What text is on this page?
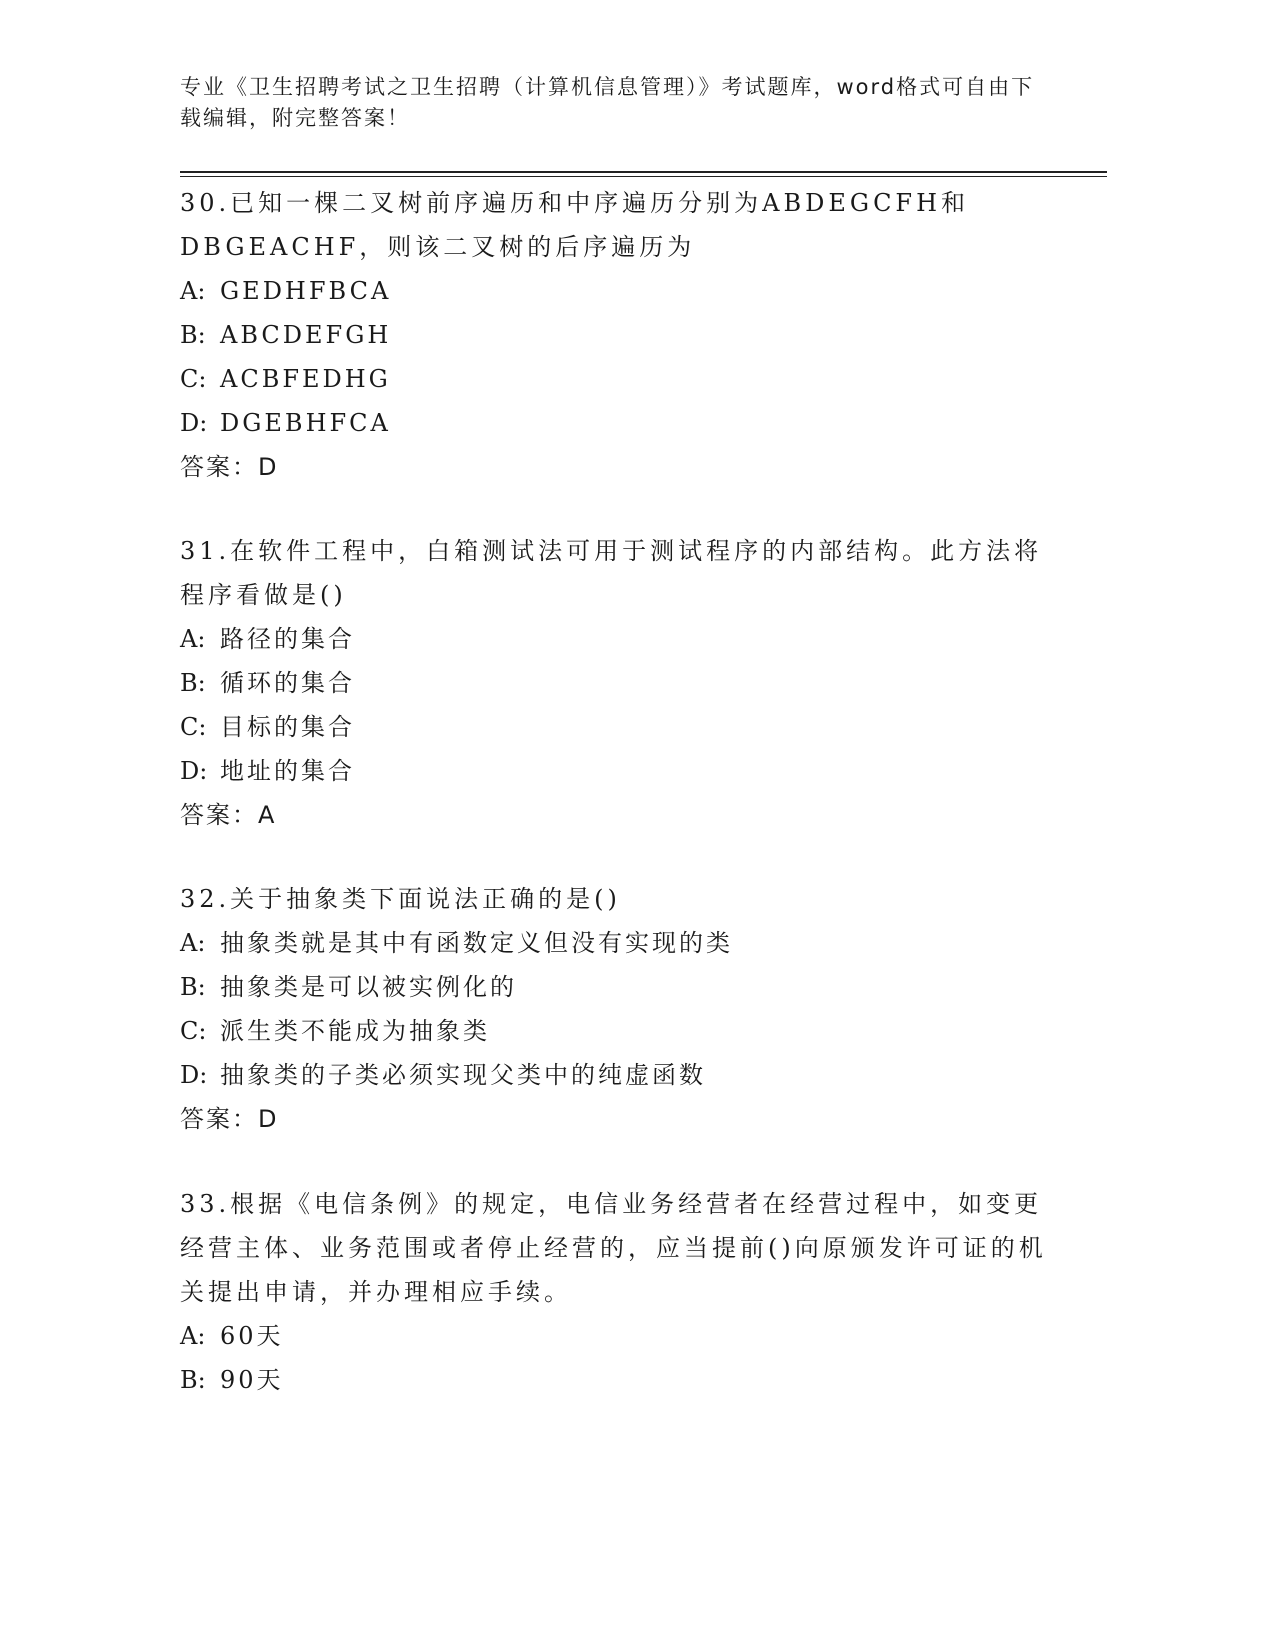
专业《卫生招聘考试之卫生招聘（计算机信息管理）》考试题库，word格式可自由下载编辑，附完整答案！

30.已知一棵二叉树前序遍历和中序遍历分别为ABDEGCFH和DBGEACHF，则该二叉树的后序遍历为

A: GEDHFBCA

B: ABCDEFGH

C: ACBFEDHG

D: DGEBHFCA

答案：D

31.在软件工程中，白箱测试法可用于测试程序的内部结构。此方法将程序看做是()

A: 路径的集合

B: 循环的集合

C: 目标的集合

D: 地址的集合

答案：A

32.关于抽象类下面说法正确的是()

A: 抽象类就是其中有函数定义但没有实现的类

B: 抽象类是可以被实例化的

C: 派生类不能成为抽象类

D: 抽象类的子类必须实现父类中的纯虚函数

答案：D

33.根据《电信条例》的规定，电信业务经营者在经营过程中，如变更经营主体、业务范围或者停止经营的，应当提前()向原颁发许可证的机关提出申请，并办理相应手续。

A: 60天

B: 90天
